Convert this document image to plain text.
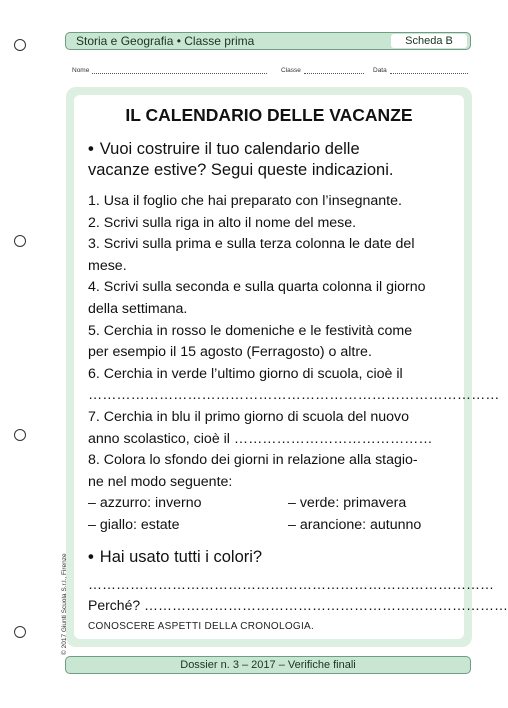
Storia e Geografia • Classe prima	Scheda B
Nome	Classe	Data
IL CALENDARIO DELLE VACANZE
• Vuoi costruire il tuo calendario delle
vacanze estive? Segui queste indicazioni.
1. Usa il foglio che hai preparato con l’insegnante.
2. Scrivi sulla riga in alto il nome del mese.
3. Scrivi sulla prima e sulla terza colonna le date del
mese.
4. Scrivi sulla seconda e sulla quarta colonna il giorno
della settimana.
5. Cerchia in rosso le domeniche e le festività come
per esempio il 15 agosto (Ferragosto) o altre.
6. Cerchia in verde l’ultimo giorno di scuola, cioè il
……………………………………………………………………………
7. Cerchia in blu il primo giorno di scuola del nuovo
anno scolastico, cioè il ……………………………………
8. Colora lo sfondo dei giorni in relazione alla stagio-
ne nel modo seguente:
– azzurro: inverno	– verde: primavera
– giallo: estate	– arancione: autunno
• Hai usato tutti i colori?
……………………………………………………………………………
Perché? ……………………………………………………………………
CONOSCERE ASPETTI DELLA CRONOLOGIA.
Dossier n. 3 – 2017 – Verifiche finali
© 2017 Giunti Scuola S.r.l., Firenze
